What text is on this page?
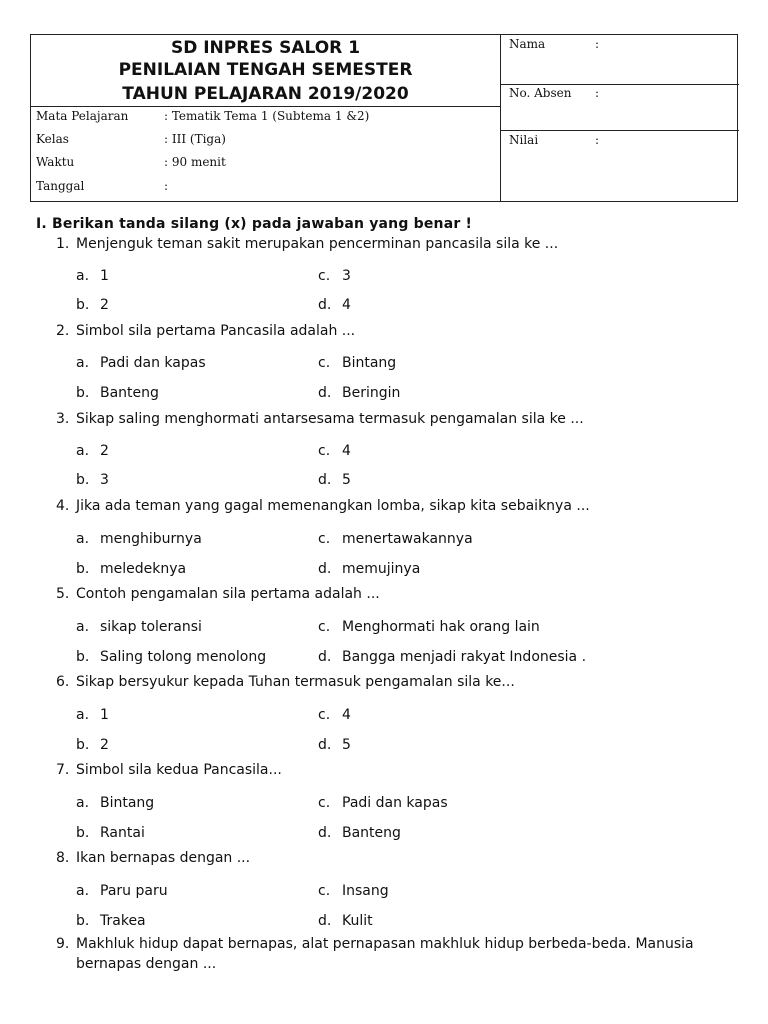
SD INPRES SALOR 1
PENILAIAN TENGAH SEMESTER
TAHUN PELAJARAN 2019/2020
Mata Pelajaran	: Tematik Tema 1 (Subtema 1 &2)
Kelas	: III (Tiga)
Waktu	: 90 menit
Tanggal	:
Nama	:
No. Absen :
Nilai	:
I. Berikan tanda silang (x) pada jawaban yang benar !
1. Menjenguk teman sakit merupakan pencerminan pancasila sila ke ...
a. 1
b. 2
c. 3
d. 4
2. Simbol sila pertama Pancasila adalah ...
a. Padi dan kapas
b. Banteng
c. Bintang
d. Beringin
3. Sikap saling menghormati antarsesama termasuk pengamalan sila ke ...
a. 2
b. 3
c. 4
d. 5
4. Jika ada teman yang gagal memenangkan lomba, sikap kita sebaiknya ...
a. menghiburnya
b. meledeknya
c. menertawakannya
d. memujinya
5. Contoh pengamalan sila pertama adalah ...
a. sikap toleransi
b. Saling tolong menolong
c. Menghormati hak orang lain
d. Bangga menjadi rakyat Indonesia .
6. Sikap bersyukur kepada Tuhan termasuk pengamalan sila ke...
a. 1
b. 2
c. 4
d. 5
7. Simbol sila kedua Pancasila...
a. Bintang
b. Rantai
c. Padi dan kapas
d. Banteng
8. Ikan bernapas dengan ...
a. Paru paru
b. Trakea
c. Insang
d. Kulit
9. Makhluk hidup dapat bernapas, alat pernapasan makhluk hidup berbeda-beda. Manusia bernapas dengan ...
